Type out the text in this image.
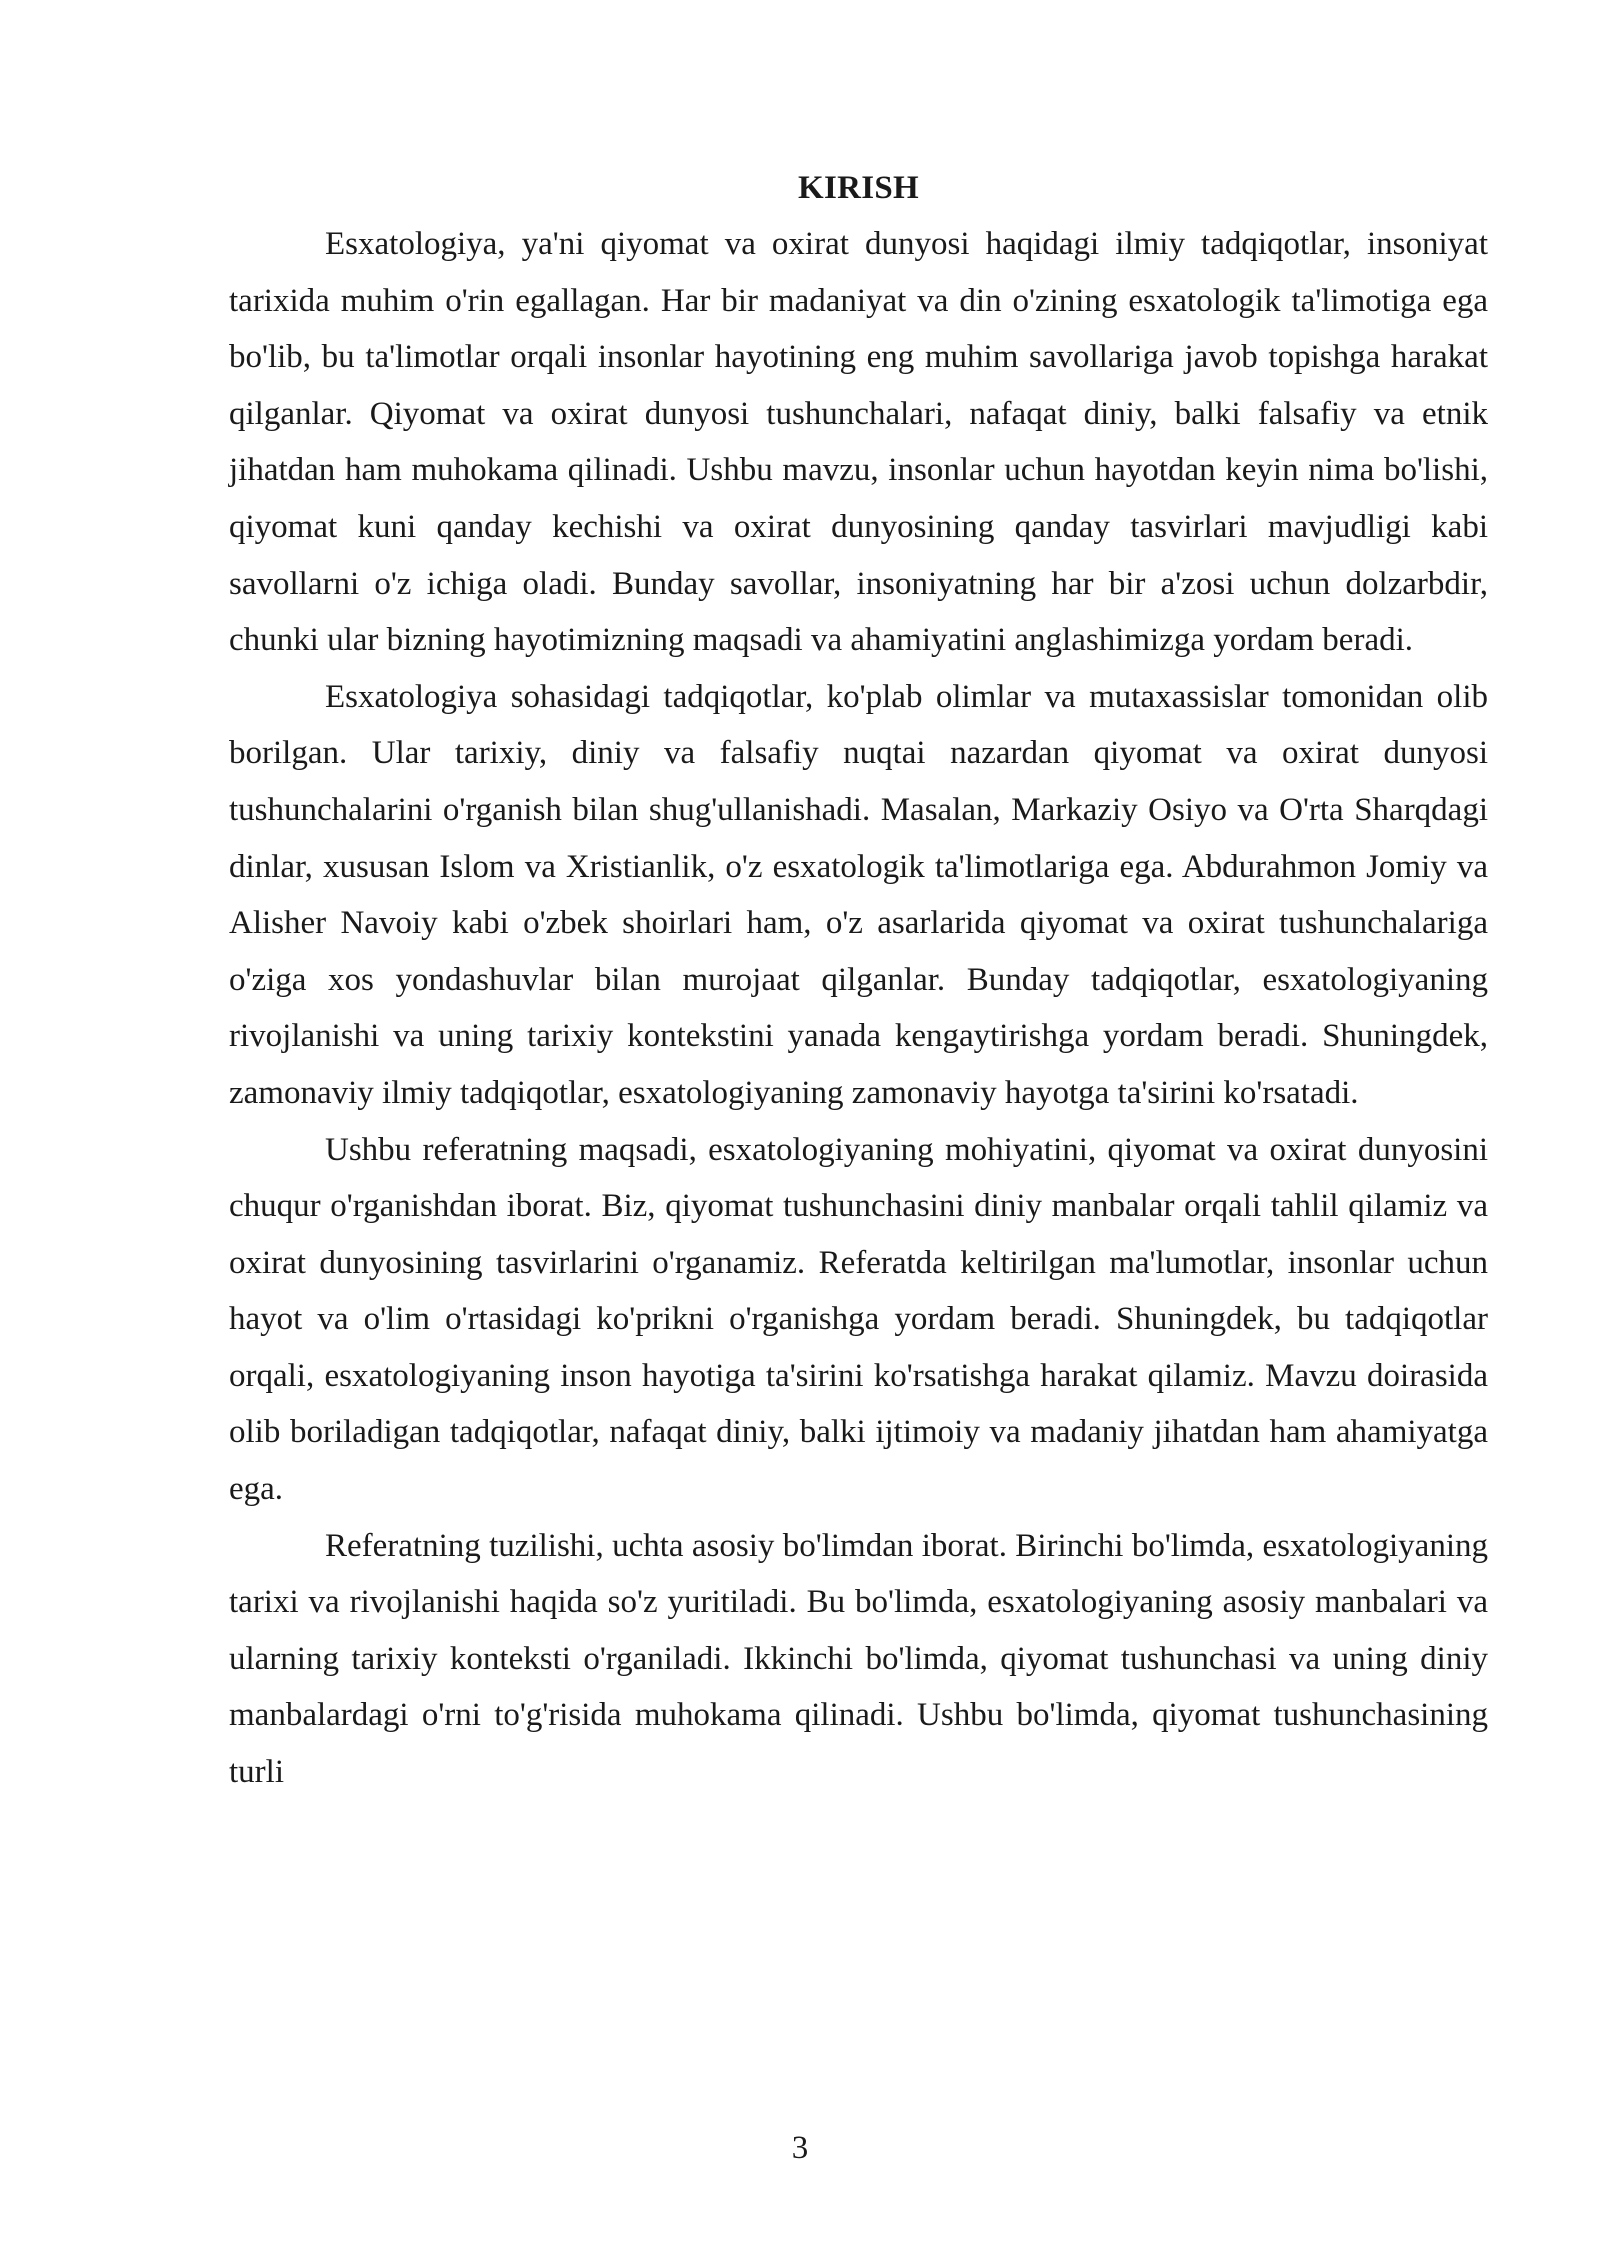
KIRISH

Esxatologiya, ya'ni qiyomat va oxirat dunyosi haqidagi ilmiy tadqiqotlar, insoniyat tarixida muhim o'rin egallagan. Har bir madaniyat va din o'zining esxatologik ta'limotiga ega bo'lib, bu ta'limotlar orqali insonlar hayotining eng muhim savollariga javob topishga harakat qilganlar. Qiyomat va oxirat dunyosi tushunchalari, nafaqat diniy, balki falsafiy va etnik jihatdan ham muhokama qilinadi. Ushbu mavzu, insonlar uchun hayotdan keyin nima bo'lishi, qiyomat kuni qanday kechishi va oxirat dunyosining qanday tasvirlari mavjudligi kabi savollarni o'z ichiga oladi. Bunday savollar, insoniyatning har bir a'zosi uchun dolzarbdir, chunki ular bizning hayotimizning maqsadi va ahamiyatini anglashimizga yordam beradi.

Esxatologiya sohasidagi tadqiqotlar, ko'plab olimlar va mutaxassislar tomonidan olib borilgan. Ular tarixiy, diniy va falsafiy nuqtai nazardan qiyomat va oxirat dunyosi tushunchalarini o'rganish bilan shug'ullanishadi. Masalan, Markaziy Osiyo va O'rta Sharqdagi dinlar, xususan Islom va Xristianlik, o'z esxatologik ta'limotlariga ega. Abdurahmon Jomiy va Alisher Navoiy kabi o'zbek shoirlari ham, o'z asarlarida qiyomat va oxirat tushunchalariga o'ziga xos yondashuvlar bilan murojaat qilganlar. Bunday tadqiqotlar, esxatologiyaning rivojlanishi va uning tarixiy kontekstini yanada kengaytirishga yordam beradi. Shuningdek, zamonaviy ilmiy tadqiqotlar, esxatologiyaning zamonaviy hayotga ta'sirini ko'rsatadi.

Ushbu referatning maqsadi, esxatologiyaning mohiyatini, qiyomat va oxirat dunyosini chuqur o'rganishdan iborat. Biz, qiyomat tushunchasini diniy manbalar orqali tahlil qilamiz va oxirat dunyosining tasvirlarini o'rganamiz. Referatda keltirilgan ma'lumotlar, insonlar uchun hayot va o'lim o'rtasidagi ko'prikni o'rganishga yordam beradi. Shuningdek, bu tadqiqotlar orqali, esxatologiyaning inson hayotiga ta'sirini ko'rsatishga harakat qilamiz. Mavzu doirasida olib boriladigan tadqiqotlar, nafaqat diniy, balki ijtimoiy va madaniy jihatdan ham ahamiyatga ega.

Referatning tuzilishi, uchta asosiy bo'limdan iborat. Birinchi bo'limda, esxatologiyaning tarixi va rivojlanishi haqida so'z yuritiladi. Bu bo'limda, esxatologiyaning asosiy manbalari va ularning tarixiy konteksti o'rganiladi. Ikkinchi bo'limda, qiyomat tushunchasi va uning diniy manbalardagi o'rni to'g'risida muhokama qilinadi. Ushbu bo'limda, qiyomat tushunchasining turli

3
